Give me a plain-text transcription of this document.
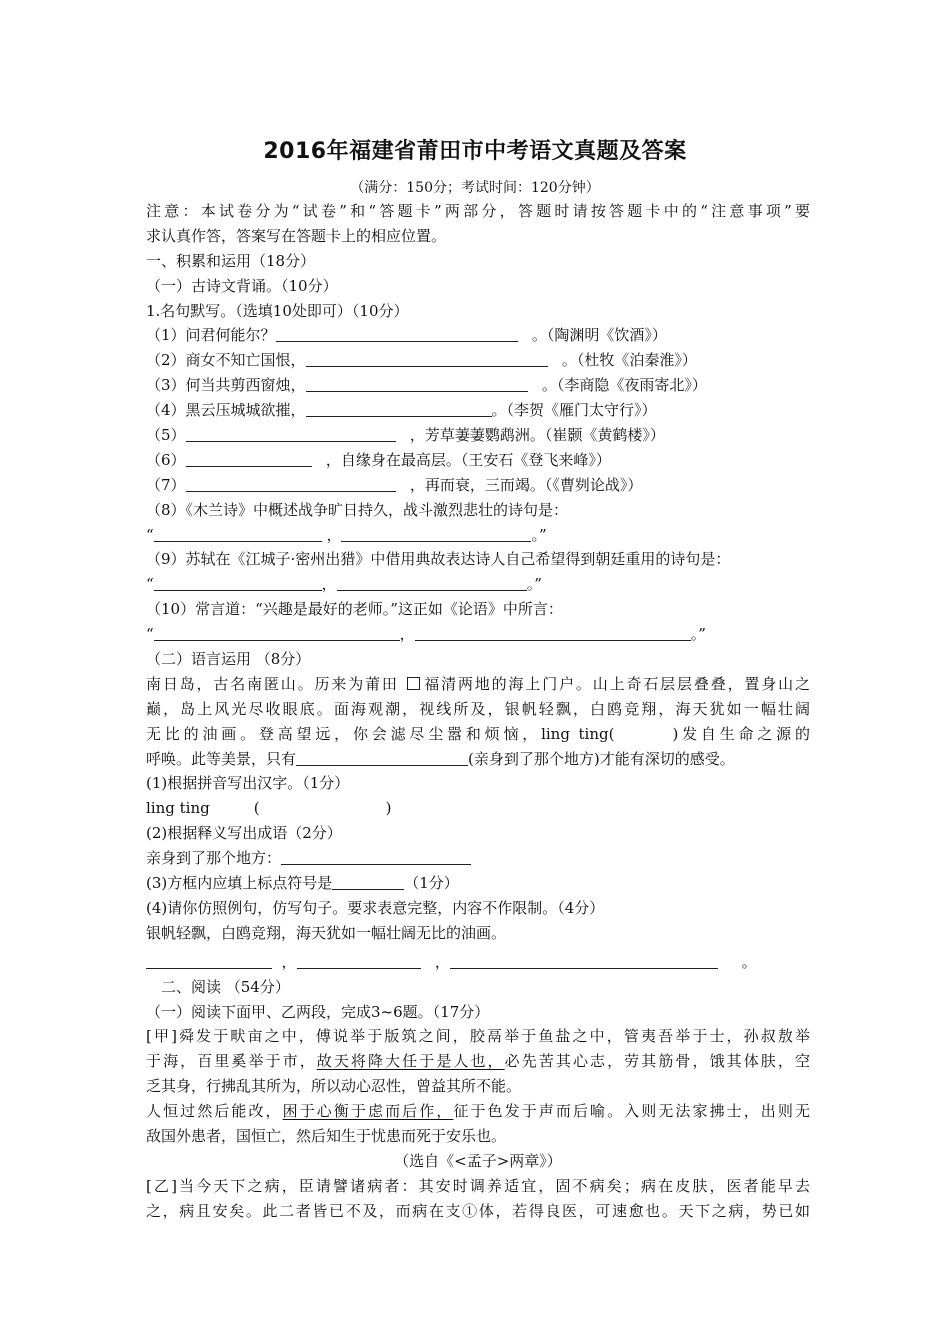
2016年福建省莆田市中考语文真题及答案
（满分：150分；考试时间：120分钟）
注意：本试卷分为“试卷”和“答题卡”两部分，答题时请按答题卡中的“注意事项”要
求认真作答，答案写在答题卡上的相应位置。
一、积累和运用（18分）
（一）古诗文背诵。（10分）
1.名句默写。（选填10处即可）（10分）
（1）问君何能尔？	。（陶渊明《饮酒》）
（2）商女不知亡国恨，	。（杜牧《泊秦淮》）
（3）何当共剪西窗烛，	。（李商隐《夜雨寄北》）
（4）黑云压城城欲摧，	。（李贺《雁门太守行》）
（5）	，芳草萋萋鹦鹉洲。（崔颢《黄鹤楼》）
（6）	，自缘身在最高层。（王安石《登飞来峰》）
（7）	，再而衰，三而竭。（《曹刿论战》）
（8）《木兰诗》中概述战争旷日持久，战斗激烈悲壮的诗句是：
“	，	。”
（9）苏轼在《江城子·密州出猎》中借用典故表达诗人自己希望得到朝廷重用的诗句是：
“	，	。”
（10）常言道：“兴趣是最好的老师。”这正如《论语》中所言：
“	，	。”
（二）语言运用 （8分）
南日岛，古名南匿山。历来为莆田 福清两地的海上门户。山上奇石层层叠叠，置身山之
巅，岛上风光尽收眼底。面海观潮，视线所及，银帆轻飘，白鸥竞翔，海天犹如一幅壮阔
无比的油画。登高望远，你会滤尽尘嚣和烦恼，ling ting(	)发自生命之源的
呼唤。此等美景，只有	(亲身到了那个地方)才能有深切的感受。
(1)根据拼音写出汉字。（1分）
ling ting	(	)
(2)根据释义写出成语（2分）
亲身到了那个地方：
(3)方框内应填上标点符号是	（1分）
(4)请你仿照例句，仿写句子。要求表意完整，内容不作限制。（4分）
银帆轻飘，白鸥竞翔，海天犹如一幅壮阔无比的油画。
，	，	。
二、阅读 （54分）
（一）阅读下面甲、乙两段，完成3~6题。（17分）
[甲]舜发于畎亩之中，傅说举于版筑之间，胶鬲举于鱼盐之中，管夷吾举于士，孙叔敖举
于海，百里奚举于市，故天将降大任于是人也，必先苦其心志，劳其筋骨，饿其体肤，空
乏其身，行拂乱其所为，所以动心忍性，曾益其所不能。
人恒过然后能改，困于心衡于虑而后作，征于色发于声而后喻。入则无法家拂士，出则无
敌国外患者，国恒亡，然后知生于忧患而死于安乐也。
（选自《<孟子>两章》）
[乙]当今天下之病，臣请譬诸病者：其安时调养适宜，固不病矣；病在皮肤，医者能早去
之，病且安矣。此二者皆已不及，而病在支①体，若得良医，可速愈也。天下之病，势已如
